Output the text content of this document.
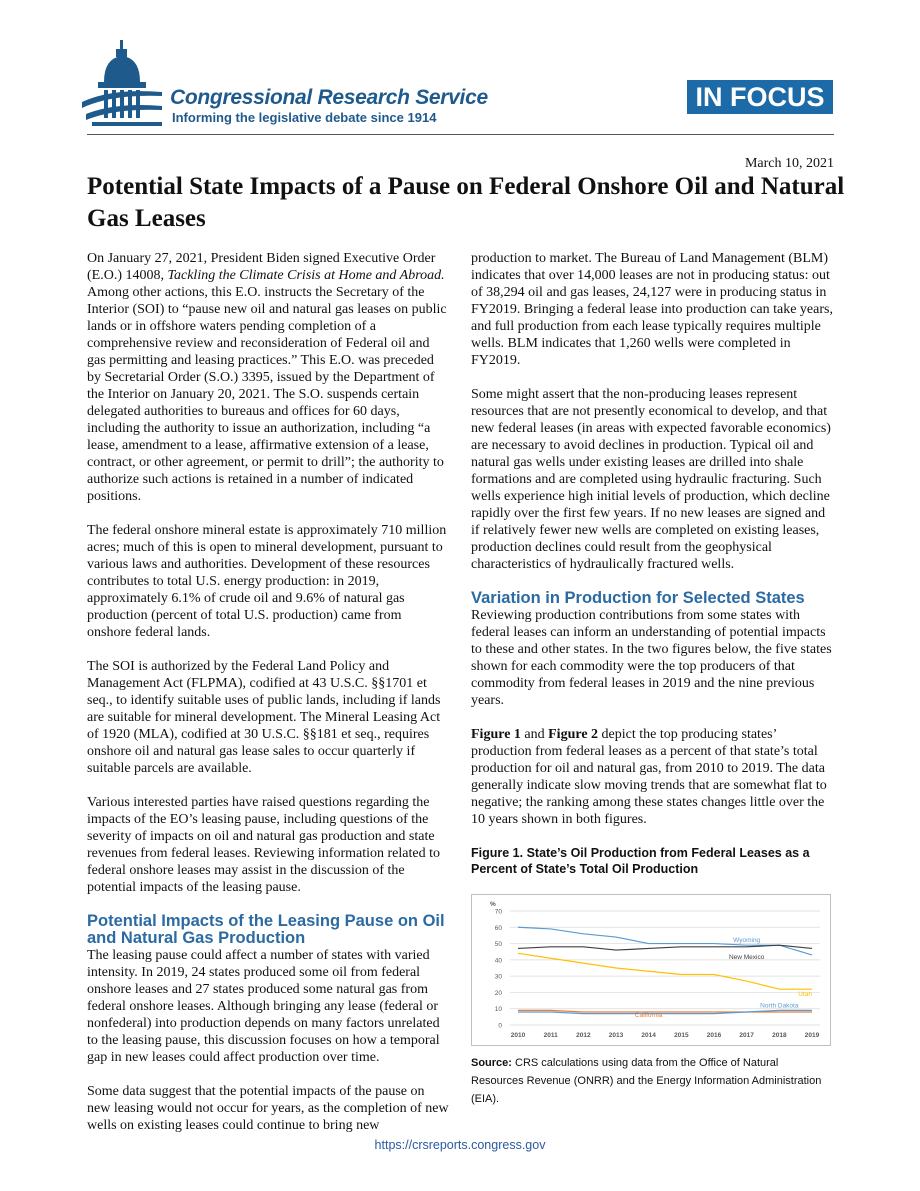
Congressional Research Service
Informing the legislative debate since 1914
IN FOCUS
March 10, 2021
Potential State Impacts of a Pause on Federal Onshore Oil and Natural Gas Leases

On January 27, 2021, President Biden signed Executive Order (E.O.) 14008, Tackling the Climate Crisis at Home and Abroad. Among other actions, this E.O. instructs the Secretary of the Interior (SOI) to “pause new oil and natural gas leases on public lands or in offshore waters pending completion of a comprehensive review and reconsideration of Federal oil and gas permitting and leasing practices.” This E.O. was preceded by Secretarial Order (S.O.) 3395, issued by the Department of the Interior on January 20, 2021. The S.O. suspends certain delegated authorities to bureaus and offices for 60 days, including the authority to issue an authorization, including “a lease, amendment to a lease, affirmative extension of a lease, contract, or other agreement, or permit to drill”; the authority to authorize such actions is retained in a number of indicated positions.

The federal onshore mineral estate is approximately 710 million acres; much of this is open to mineral development, pursuant to various laws and authorities. Development of these resources contributes to total U.S. energy production: in 2019, approximately 6.1% of crude oil and 9.6% of natural gas production (percent of total U.S. production) came from onshore federal lands.

The SOI is authorized by the Federal Land Policy and Management Act (FLPMA), codified at 43 U.S.C. §§1701 et seq., to identify suitable uses of public lands, including if lands are suitable for mineral development. The Mineral Leasing Act of 1920 (MLA), codified at 30 U.S.C. §§181 et seq., requires onshore oil and natural gas lease sales to occur quarterly if suitable parcels are available.

Various interested parties have raised questions regarding the impacts of the EO’s leasing pause, including questions of the severity of impacts on oil and natural gas production and state revenues from federal leases. Reviewing information related to federal onshore leases may assist in the discussion of the potential impacts of the leasing pause.

Potential Impacts of the Leasing Pause on Oil and Natural Gas Production

The leasing pause could affect a number of states with varied intensity. In 2019, 24 states produced some oil from federal onshore leases and 27 states produced some natural gas from federal onshore leases. Although bringing any lease (federal or nonfederal) into production depends on many factors unrelated to the leasing pause, this discussion focuses on how a temporal gap in new leases could affect production over time.

Some data suggest that the potential impacts of the pause on new leasing would not occur for years, as the completion of new wells on existing leases could continue to bring new

production to market. The Bureau of Land Management (BLM) indicates that over 14,000 leases are not in producing status: out of 38,294 oil and gas leases, 24,127 were in producing status in FY2019. Bringing a federal lease into production can take years, and full production from each lease typically requires multiple wells. BLM indicates that 1,260 wells were completed in FY2019.

Some might assert that the non-producing leases represent resources that are not presently economical to develop, and that new federal leases (in areas with expected favorable economics) are necessary to avoid declines in production. Typical oil and natural gas wells under existing leases are drilled into shale formations and are completed using hydraulic fracturing. Such wells experience high initial levels of production, which decline rapidly over the first few years. If no new leases are signed and if relatively fewer new wells are completed on existing leases, production declines could result from the geophysical characteristics of hydraulically fractured wells.

Variation in Production for Selected States

Reviewing production contributions from some states with federal leases can inform an understanding of potential impacts to these and other states. In the two figures below, the five states shown for each commodity were the top producers of that commodity from federal leases in 2019 and the nine previous years.

Figure 1 and Figure 2 depict the top producing states’ production from federal leases as a percent of that state’s total production for oil and natural gas, from 2010 to 2019. The data generally indicate slow moving trends that are somewhat flat to negative; the ranking among these states changes little over the 10 years shown in both figures.

Figure 1. State’s Oil Production from Federal Leases as a Percent of State’s Total Oil Production

0
10
20
30
40
50
60
70
%
2010	2011	2012	2013	2014	2015	2016	2017	2018	2019
Wyoming
New Mexico
Utah
California
North Dakota

Source: CRS calculations using data from the Office of Natural Resources Revenue (ONRR) and the Energy Information Administration (EIA).

https://crsreports.congress.gov
